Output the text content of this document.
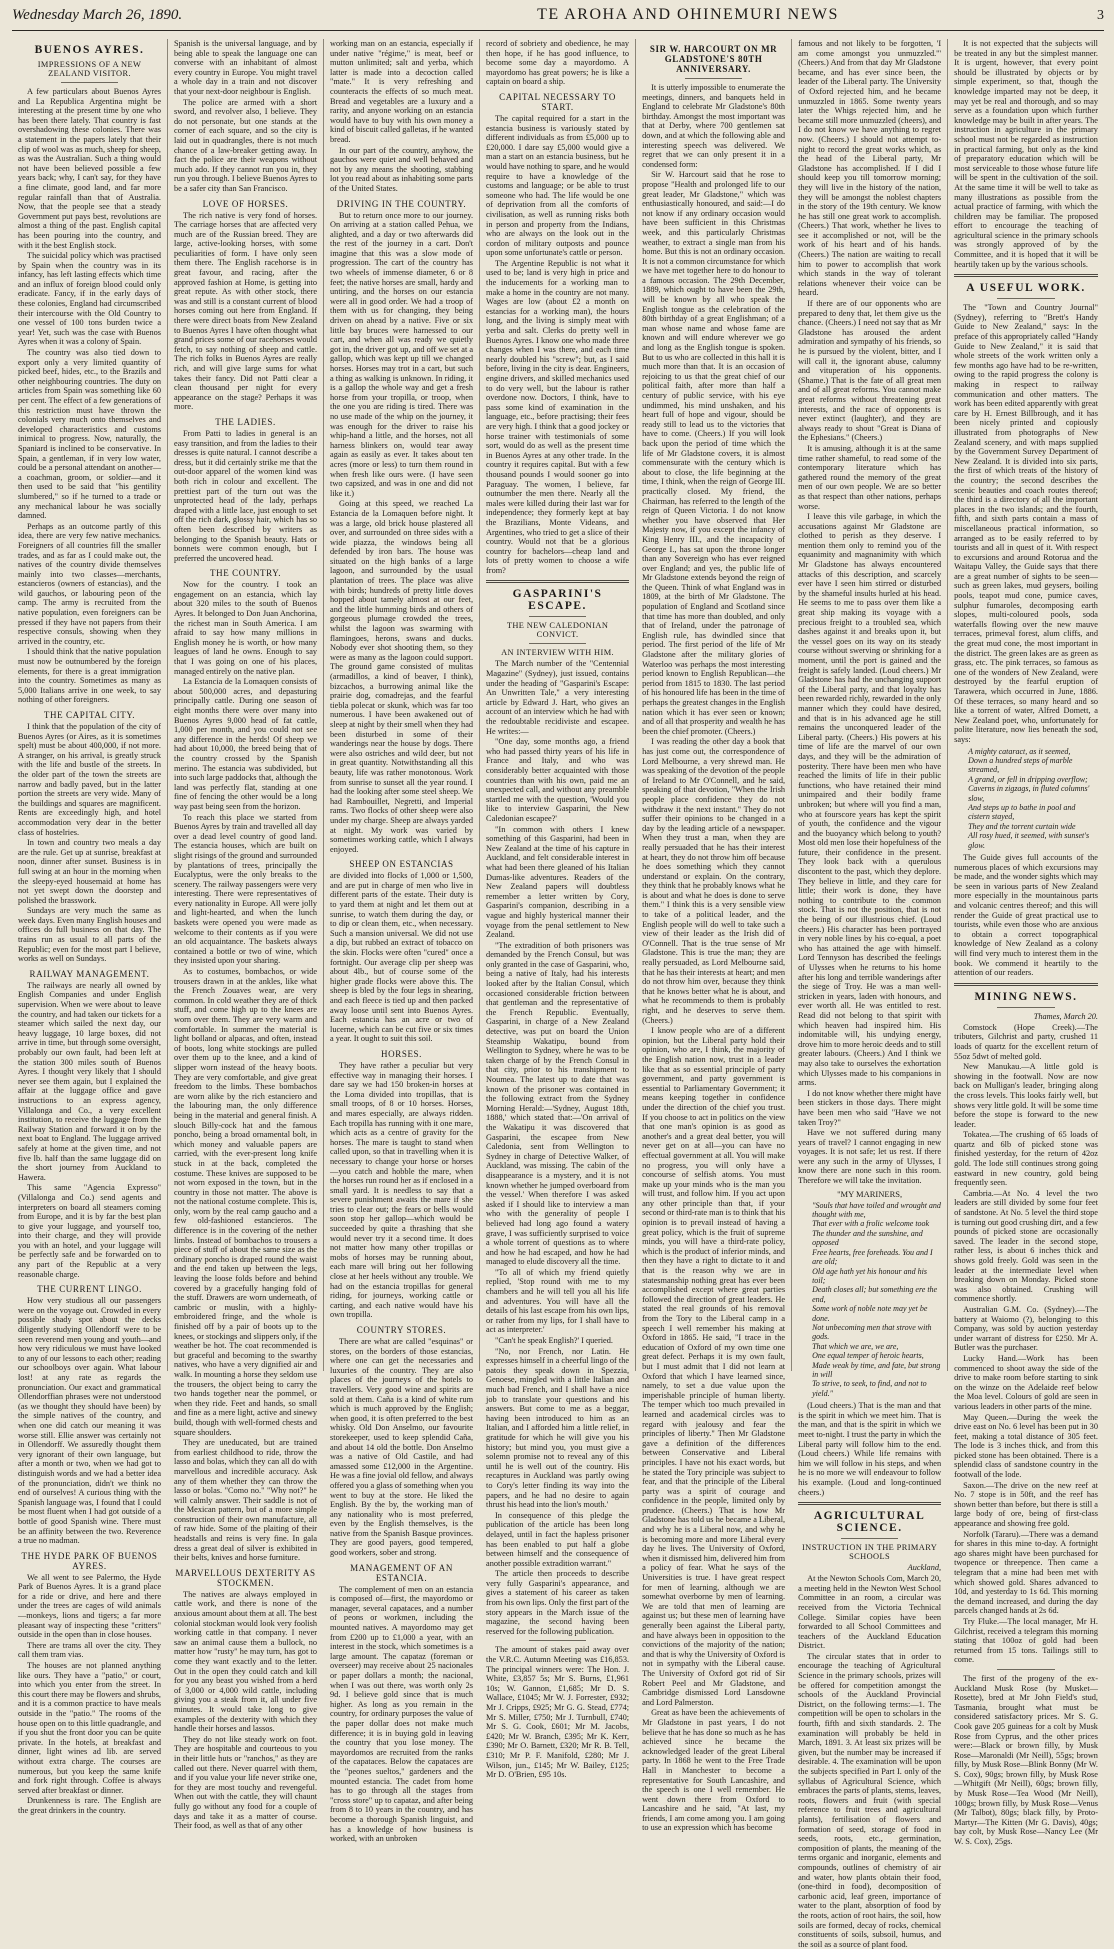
Wednesday March 26, 1890.	TE AROHA AND OHINEMURI NEWS	3
BUENOS AYRES.
IMPRESSIONS OF A NEW ZEALAND VISITOR.

A few particulars about Buenos Ayres and La Republica Argentina might be interesting at the present time by one who has been there lately. That country is fast overshadowing these colonies. There was a statement in the papers lately that their clip of wool was as much, sheep for sheep, as was the Australian. Such a thing would not have been believed possible a few years back; why, I can't say, for they have a fine climate, good land, and far more regular rainfall than that of Australia. Now, that the people see that a steady Government put pays best, revolutions are almost a thing of the past. English capital has been pouring into the country, and with it the best English stock.

The suicidal policy which was practised by Spain when the country was in its infancy, has left lasting effects which time and an influx of foreign blood could only eradicate. Fancy, if in the early days of these colonies, England had circumscribed their intercourse with the Old Country to one vessel of 100 tons burden twice a year! Yet, such was the case with Buenos Ayres when it was a colony of Spain.

The country was also tied down to export only a very limited quantity of picked beef, hides, etc., to the Brazils and other neighbouring countries. The duty on articles from Spain was something like 60 per cent. The effect of a few generations of this restriction must have thrown the colonials very much onto themselves and developed characteristics and customs inimical to progress. Now, naturally, the Spaniard is inclined to be conservative. In Spain, a gentleman, if in very low water, could be a personal attendant on another—a coachman, groom, or soldier—and it then used to be said that "his gentility slumbered," so if he turned to a trade or any mechanical labour he was socially damned.

Perhaps as an outcome partly of this idea, there are very few native mechanics. Foreigners of all countries fill the smaller trades, and as far as I could make out, the natives of the country divide themselves mainly into two classes—merchants, estancieros (owners of estancias), and the wild gauchos, or labouring peon of the camp. The army is recruited from the native population, even foreigners can be pressed if they have not papers from their respective consuls, showing when they arrived in the country, etc.

I should think that the native population must now be outnumbered by the foreign elements, for there is a great immigration into the country. Sometimes as many as 5,000 Italians arrive in one week, to say nothing of other foreigners.

THE CAPITAL CITY.

I think that the population of the city of Buenos Ayres (or Aires, as it is sometimes spelt) must be about 400,000, if not more. A stranger, on his arrival, is greatly struck with the life and bustle of the streets. In the older part of the town the streets are narrow and badly paved, but in the latter portion the streets are very wide. Many of the buildings and squares are magnificent. Rents are exceedingly high, and hotel accommodation very dear in the better class of hostelries.

In town and country two meals a day are the rule. Get up at sunrise, breakfast at noon, dinner after sunset. Business is in full swing at an hour in the morning when the sleepy-eyed housemaid at home has not yet swept down the doorstep and polished the brasswork.

Sundays are very much the same as week days. Even many English houses and offices do full business on that day. The trains run as usual to all parts of the Republic; even for the most part I believe, works as well on Sundays.

RAILWAY MANAGEMENT.

The railways are nearly all owned by English Companies and under English supervision. When we were about to leave the country, and had taken our tickets for a steamer which sailed the next day, our heavy luggage, 10 large boxes, did not arrive in time, but through some oversight, probably our own fault, had been left at the station 300 miles south of Buenos Ayres. I thought very likely that I should never see them again, but I explained the affair at the luggage office and gave instructions to an express agency, Villalonga and Co., a very excellent institution, to receive the luggage from the Railway Station and forward it on by the next boat to England. The luggage arrived safely at home at the given time, and not five lb. half than the same luggage did on the short journey from Auckland to Hawera.

This same "Agencia Expresso" (Villalonga and Co.) send agents and interpreters on board all steamers coming from Europe, and it is by far the best plan to give your luggage, and yourself too, into their charge, and they will provide you with an hotel, and your luggage will be perfectly safe and be forwarded on to any part of the Republic at a very reasonable charge.

THE CURRENT LINGO.

How very studious all our passengers were on the voyage out. Crowded in every possible shady spot about the decks diligently studying Ollendorff were to be seen reverend men young and youth—and how very ridiculous we must have looked to any of our lessons to each other; reading our schoolboys over again. What labour lost! at any rate as regards the pronunciation. Our exact and grammatical Ollendorffian phrases were not understood (as we thought they should have been) by the simple natives of the country, and when one did catch our meaning it was worse still. Ellie answer was certainly not in Ollendorff. We assuredly thought them very ignorant of their own language, but after a month or two, when we had got to distinguish words and we had a better idea of the pronunciation, didn't we think no end of ourselves! A curious thing with the Spanish language was, I found that I could be most fluent when I had got outside of a bottle of good Spanish wine. There must be an affinity between the two. Reverence a true no madman.

THE HYDE PARK OF BUENOS AYRES.

We all went to see Palermo, the Hyde Park of Buenos Ayres. It is a grand place for a ride or drive, and here and there under the trees are cages of wild animals—monkeys, lions and tigers; a far more pleasant way of inspecting these "critters" outside in the open than in close houses.

There are trams all over the city. They call them tram vias.

The houses are not planned anything like ours. They have a "patio," or court, into which you enter from the street. In this court there may be flowers and shrubs, and it is a common practice to have meals outside in the "patio." The rooms of the house open on to this little quadrangle, and if you shut the front door you can be quite private. In the hotels, at breakfast and dinner, light wines ad lib. are served without extra charge. The courses are numerous, but you keep the same knife and fork right through. Coffee is always served after breakfast or dinner.

Drunkenness is rare. The English are the great drinkers in the country.

Spanish is the universal language, and by being able to speak the language one can converse with an inhabitant of almost every country in Europe. You might travel a whole day in a train and not discover that your next-door neighbour is English.

The police are armed with a short sword, and revolver also, I believe. They do not personate, but one stands at the corner of each square, and so the city is laid out in quadrangles, there is not much chance of a law-breaker getting away. In fact the police are their weapons without much ado. If they cannot run you in, they run you through. I believe Buenos Ayres to be a safer city than San Francisco.

LOVE OF HORSES.

The rich native is very fond of horses. The carriage horses that are affected very much are of the Russian breed. They are large, active-looking horses, with some peculiarities of form. I have only seen them there. The English racehorse is in great favour, and racing, after the approved fashion at Home, is getting into great repute. As with other stock, there was and still is a constant current of blood horses coming out here from England. If there were direct boats from New Zealand to Buenos Ayres I have often thought what grand prices some of our racehorses would fetch, to say nothing of sheep and cattle. The rich folks in Buenos Ayres are really rich, and will give large sums for what takes their fancy. Did not Patti clear a clean thousand per night for every appearance on the stage? Perhaps it was more.

THE LADIES.

From Patti to ladies in general is an easy transition, and from the ladies to their dresses is quite natural. I cannot describe a dress, but it did certainly strike me that the out-door apparel of the women kind was both rich in colour and excellent. The prettiest part of the turn out was the unprotected head of the lady, perhaps draped with a little lace, just enough to set off the rich dark, glossy hair, which has so often been described by writers as belonging to the Spanish beauty. Hats or bonnets were common enough, but I preferred the uncovered head.

THE COUNTRY.

Now for the country. I took an engagement on an estancia, which lay about 320 miles to the south of Buenos Ayres. It belonged to Don Juan Anchorina, the richest man in South America. I am afraid to say how many millions in English money he is worth, or how many leagues of land he owns. Enough to say that I was going on one of his places, managed entirely on the native plan.

La Estancia de la Lomaquen consists of about 500,000 acres, and depasturing principally cattle. During one season of eight months there were over many into Buenos Ayres 9,000 head of fat cattle, 1,000 per month, and you could not see any difference in the herds! Of sheep we had about 10,000, the breed being that of the country crossed by the Spanish merino. The estancia was subdivided, but into such large paddocks that, although the land was perfectly flat, standing at one fine of fencing the other would be a long way past being seen from the horizon.

To reach this place we started from Buenos Ayres by train and travelled all day over a dead level country of good land. The estancia houses, which are built on slight risings of the ground and surrounded by plantations of trees, principally the Eucalyptus, were the only breaks to the scenery. The railway passengers were very interesting. There were representatives of every nationality in Europe. All were jolly and light-hearted, and when the lunch baskets were opened you were made as welcome to their contents as if you were an old acquaintance. The baskets always contained a bottle or two of wine, which they insisted upon your sharing.

As to costumes, bombachos, or wide trousers drawn in at the ankles, like what the French Zouaves wear, are very common. In cold weather they are of thick stuff, and come high up to the knees are worn over them. They are very warm and comfortable. In summer the material is light bolland or alpacas, and often, instead of boots, long white stockings are pulled over them up to the knee, and a kind of slipper worn instead of the heavy boots. They are very comfortable, and give great freedom to the limbs. These bombachos are worn alike by the rich estanciero and the labouring man, the only difference being in the material and general finish. A slouch Billy-cock hat and the famous poncho, being a broad ornamental bolt, in which money and valuable papers are carried, with the ever-present long knife stuck in at the back, completed the costume. These knives are supposed to be not worn exposed in the town, but in the country in those not matter. The above is not the national costume complete. This is, only, worn by the real camp gaucho and a few old-fashioned estancieros. The difference is in the covering of the nether limbs. Instead of bombachos to trousers a piece of stuff of about the same size as the ordinary poncho is draped round the waist and the end taken up between the legs, leaving the loose folds before and behind covered by a gracefully hanging fold of the stuff. Drawers are worn underneath, of cambric or muslin, with a highly-embroidered fringe, and the whole is finished off by a pair of boots up to the knees, or stockings and slippers only, if the weather be hot. The coat recommended is but graceful and becoming to the swarthy natives, who have a very dignified air and walk. In mounting a horse they seldom use the trousers, the object being to carry the two hands together near the pommel, or when they ride. Feet and hands, so small and fine as a mere light, active and sinewy build, though with well-formed chests and square shoulders.

They are uneducated, but are trained from earliest childhood to ride, throw the lasso and bolas, which they can all do with marvellous and incredible accuracy. Ask any of them whether they can throw the lasso or bolas. "Como no." "Why not?" he will calmly answer. Their saddle is not of the Mexican pattern, but of a more simple construction of their own manufacture, all of raw hide. Some of the plaiting of their headstalls and reins is very fine. In gala dress a great deal of silver is exhibited in their belts, knives and horse furniture.

MARVELLOUS DEXTERITY AS STOCKMEN.

The natives are always employed in cattle work, and there is none of the anxious amount about them at all. The best colonial stockman would look very foolish working cattle in that company. I never saw an animal cause them a bullock, no matter how "rusty" he may turn, has got to come they want exactly and to the letter. Out in the open they could catch and kill for you any beast you wished from a herd of 3,000 or 4,000 wild cattle, including giving you a steak from it, all under five minutes. It would take long to give examples of the dexterity with which they handle their horses and lassos.

They do not like steady work on foot. They are hospitable and courteous to you in their little huts or "ranchos," as they are called out there. Never quarrel with them, and if you value your life never strike one, for they are most touchy and revengeful. When out with the cattle, they will chaunt fully go without any food for a couple of days and take it as a matter of course. Their food, as well as that of any other

working man on an estancia, especially if under native "régime," is meat, beef or mutton unlimited; salt and yerba, which latter is made into a decoction called "mate." It is very refreshing and counteracts the effects of so much meat. Bread and vegetables are a luxury and a rarity, and anyone working on an estancia would have to buy with his own money a kind of biscuit called galletas, if he wanted bread.

In our part of the country, anyhow, the gauchos were quiet and well behaved and not by any means the shooting, stabbing lot you read about as inhabiting some parts of the United States.

DRIVING IN THE COUNTRY.

But to return once more to our journey. On arriving at a station called Pehua, we alighted, and a day or two afterwards did the rest of the journey in a cart. Don't imagine that this was a slow mode of progression. The cart of the country has two wheels of immense diameter, 6 or 8 feet; the native horses are small, hardy and untiring, and the horses on our estancia were all in good order. We had a troop of them with us for changing, they being driven on ahead by a native. Five or six little bay bruces were harnessed to our cart, and when all was ready we quietly got in, the driver got up, and off we set at a gallop, which was kept up till we changed horses. Horses may trot in a cart, but such a thing as walking is unknown. In riding, it is a gallop the whole way and get a fresh horse from your tropilla, or troop, when the one you are riding is tired. There was no use made of the whip on the journey, it was enough for the driver to raise his whip-hand a little, and the horses, not all harness blinkers on, would tear away again as easily as ever. It takes about ten acres (more or less) to turn them round in when fresh like ours were. (I have seen two capsized, and was in one and did not like it.)

Going at this speed, we reached La Estancia de la Lomaquen before night. It was a large, old brick house plastered all over, and surrounded on three sides with a wide piazza, the windows being all defended by iron bars. The house was situated on the high banks of a large lagoon, and surrounded by the usual plantation of trees. The place was alive with birds; hundreds of pretty little doves hopped about tamely almost at our feet, and the little humming birds and others of gorgeous plumage crowded the trees, whilst the lagoon was swarming with flamingoes, herons, swans and ducks. Nobody ever shot shooting them, so they were as many as the lagoon could support. The ground game consisted of mulitas (armadillos, a kind of beaver, I think), bizcachos, a burrowing animal like the prairie dog, comadrejas, and the fearful tiebla polecat or skunk, which was far too numerous. I have been awakened out of sleep at night by their smell when they had been disturbed in some of their wanderings near the house by dogs. There were also ostriches and wild deer, but not in great quantity. Notwithstanding all this beauty, life was rather monotonous. Work from sunrise to sunset all the year round. I had the looking after some steel sheep. We had Rambouillet, Negretti, and Imperial rams. Two flocks of other sheep were also under my charge. Sheep are always yarded at night. My work was varied by sometimes working cattle, which I always enjoyed.

SHEEP ON ESTANCIAS

are divided into flocks of 1,000 or 1,500, and are put in charge of men who live in different parts of the estate. Their duty is to yard them at night and let them out at sunrise, to watch them during the day, or to dip or clean them, etc., when necessary. Such a mansion universal. We did not use a dip, but rubbed an extract of tobacco on the skin. Flocks were often "cured" once a fortnight. Our average clip per sheep was about 4lb., but of course some of the higher grade flocks were above this. The sheep is bled by the four legs in shearing, and each fleece is tied up and then packed away loose until sent into Buenos Ayres. Each estancia has an acre or two of lucerne, which can be cut five or six times a year. It ought to suit this soil.

HORSES.

They have rather a peculiar but very effective way in managing their horses. I dare say we had 150 broken-in horses at the Loma divided into tropillas, that is small troops, of 8 or 10 horses. Horses, and mares especially, are always ridden. Each tropilla has running with it one mare, which acts as a centre of gravity for the horses. The mare is taught to stand when called upon, so that in travelling when it is necessary to change your horse or horses—you catch and hobble the mare, when the horses run round her as if enclosed in a small yard. It is needless to say that a severe punishment awaits the mare if she tries to clear out; the fears or bells would soon stop her gallop—which would be succeeded by quite a thrashing that she would never try it a second time. It does not matter how many other tropillas or mobs of horses may be running about, each mare will bring out her following close at her heels without any trouble. We had on the estancia tropillas for general riding, for journeys, working cattle or carting, and each native would have his own tropilla.

COUNTRY STORES.

There are what are called "esquinas" or stores, on the borders of those estancias, where one can get the necessaries and luxuries of the country. They are also places of the journeys of the hotels to travellers. Very good wine and spirits are sold at them. Caña is a kind of white rum which is much approved by the English; when good, it is often preferred to the best whisky. Old Don Anselmo, our favourite storekeeper, used to keep splendid Caña, and about 14 old the bottle. Don Anselmo was a native of Old Castile, and had amassed some £12,000 in the Argentine. He was a fine jovial old fellow, and always offered you a glass of something when you went to buy at the store. He liked the English. By the by, the working man of any nationality who is most preferred, even by the English themselves, is the native from the Spanish Basque provinces. They are good payers, good tempered, good workers, sober and strong.

MANAGEMENT OF AN ESTANCIA.

The complement of men on an estancia is composed of—first, the mayordomo or manager, several capataces, and a number of peons or workmen, including the mounted natives. A mayordomo may get from £200 up to £1,000 a year, with an interest in the stock, which sometimes is a large amount. The capataz (foreman or overseer) may receive about 25 nacionales or paper dollars a month; the nacional, when I was out there, was worth only 2s 9d. I believe gold since that is much higher. As long as you remain in the country, for ordinary purposes the value of the paper dollar does not make much difference; it is in buying gold in leaving the country that you lose money. The mayordomos are recruited from the ranks of the capataces. Below the capataces are the "peones sueltos," gardeners and the mounted estancia. The cadet from home has to go through all the stages from "cross store" up to capataz, and after being from 8 to 10 years in the country, and has become a thorough Spanish linguist, and has a knowledge of how business is worked, with an unbroken

record of sobriety and obedience, he may then hope, if he has good influence, to become some day a mayordomo. A mayordomo has great powers; he is like a captain on board a ship.

CAPITAL NECESSARY TO START.

The capital required for a start in the estancia business is variously stated by different individuals as from £5,000 up to £20,000. I dare say £5,000 would give a man a start on an estancia business, but he would have nothing to spare, and he would require to have a knowledge of the customs and language; or be able to trust someone who had. The life would be one of deprivation from all the comforts of civilisation, as well as running risks both in person and property from the Indians, who are always on the look out in the cordon of military outposts and pounce upon some unfortunate's cattle or person.

The Argentine Republic is not what it used to be; land is very high in price and the inducements for a working man to make a home in the country are not many. Wages are low (about £2 a month on estancias for a working man), the hours long, and the living is simply meat with yerba and salt. Clerks do pretty well in Buenos Ayres. I know one who made three changes when I was there, and each time nearly doubled his "screw"; but, as I said before, living in the city is dear. Engineers, engine drivers, and skilled mechanics used to do very well, but the labour is rather overdone now. Doctors, I think, have to pass some kind of examination in the language, etc., before practising; their fees are very high. I think that a good jockey or horse trainer with testimonials of some sort, would do as well as the present time in Buenos Ayres at any other trade. In the country it requires capital. But with a few thousand pounds I would sooner go into Paraguay. The women, I believe, far outnumber the men there. Nearly all the males were killed during their last war for independence; they formerly kept at bay the Brazilians, Monte Videans, and Argentines, who tried to get a slice of their country. Would not that be a glorious country for bachelors—cheap land and lots of pretty women to choose a wife from?

GASPARINI'S ESCAPE.
THE NEW CALEDONIAN CONVICT.
AN INTERVIEW WITH HIM.

The March number of the "Centennial Magazine" (Sydney), just issued, contains under the heading of "Gasparini's Escape: An Unwritten Tale," a very interesting article by Edward J. Hart, who gives an account of an interview which he had with the redoubtable recidiviste and escapee. He writes:—

"One day, some months ago, a friend who had passed thirty years of his life in France and Italy, and who was considerably better acquainted with those countries than with his own, paid me an unexpected call, and without any preamble startled me with the question, 'Would you like to interview Gasparini, the New Caledonian escapee?'

"In common with others I knew something of this Gasparini, had been in New Zealand at the time of his capture in Auckland, and felt considerable interest in what had been there gleaned of his Italian Dumas-like adventures. Readers of the New Zealand papers will doubtless remember a letter written by Cory, Gasparini's companion, describing in a vague and highly hysterical manner their voyage from the penal settlement to New Zealand.

"The extradition of both prisoners was demanded by the French Consul, but was only granted in the case of Gasparini, who, being a native of Italy, had his interests looked after by the Italian Consul, which occasioned considerable friction between that gentleman and the representative of the French Republic. Eventually, Gasparini, in charge of a New Zealand detective, was put on board the Union Steamship Wakatipu, bound from Wellington to Sydney, where he was to be taken charge of by the French Consul in that city, prior to his transhipment to Noumea. The latest up to date that was known of the prisoner was contained in the following extract from the Sydney Morning Herald:—'Sydney, August 18th, 1888,' which stated that:—'On arrival of the Wakatipu it was discovered that Gasparini, the escapee from New Caledonia, sent from Wellington to Sydney in charge of Detective Walker, of Auckland, was missing. The cabin of the disappearance is a mystery, and it is not known whether he jumped overboard from the vessel.' When therefore I was asked asked if I should like to interview a man who with the generality of people I believed had long ago found a watery grave, I was sufficiently surprised to voice a whole torrent of questions as to where and how he had escaped, and how he had managed to elude discovery all the time.

"To all of which my friend quietly replied, 'Stop round with me to my chambers and he will tell you all his life and adventures. You will have all the details of his last escape from his own lips, or rather from my lips, for I shall have to act as interpreter.'

"Can't he speak English?' I queried.

"No, nor French, nor Latin. He expresses himself in a cheerful lingo of the patois they speak down in Spezzia, Genoese, mingled with a little Italian and much bad French, and I shall have a nice job to translate your questions and his answers. But come to me as a beggar, having been introduced to him as an Italian, and I afforded him a little relief, in gratitude for which he will give you his history; but mind you, you must give a solemn promise not to reveal any of this until he is well out of the country. His recaptures in Auckland was partly owing to Cory's letter finding its way into the papers, and he had no desire to again thrust his head into the lion's mouth.'

In consequence of this pledge the publication of the article has been long delayed, until in fact the hapless prisoner has been enabled to put half a globe between himself and the consequence of another possible extradition warrant."

The article then proceeds to describe very fully Gasparini's appearance, and gives a statement of his career as taken from his own lips. Only the first part of the story appears in the March issue of the magazine, the second having been reserved for the following publication.

The amount of stakes paid away over the V.R.C. Autumn Meeting was £16,853. The principal winners were: The Hon. J. White, £3,857 5s; Mr S. Burns, £1,961 10s; W. Gannon, £1,685; Mr D. S. Wallace, £1045; Mr W. J. Forrester, £932; Mr J. Cripps, £925; Mr G. G. Stead, £774; Mr S. Miller, £750; Mr J. Turnbull, £740; Mr S. G. Cook, £601; Mr M. Jacobs, £420; Mr W. Branch, £395; Mr K. Kerr, £390; Mr O. Barnett, £320; Mr R. B. Tell, £310; Mr P. F. Manifold, £280; Mr J. Wilson, jun., £145; Mr W. Bailey, £125; Mr D. O'Brien, £95 10s.

SIR W. HARCOURT ON MR GLADSTONE'S 80TH ANNIVERSARY.

It is utterly impossible to enumerate the meetings, dinners, and banquets held in England to celebrate Mr Gladstone's 80th birthday. Amongst the most important was that at Derby, where 700 gentlemen sat down, and at which the following able and interesting speech was delivered. We regret that we can only present it in a condensed form:

Sir W. Harcourt said that he rose to propose "Health and prolonged life to our great leader, Mr Gladstone," which was enthusiastically honoured, and said:—I do not know if any ordinary occasion would have been sufficient in this Christmas week, and this particularly Christmas weather, to extract a single man from his home. But this is not an ordinary occasion. It is not a common circumstance for which we have met together here to do honour to a famous occasion. The 29th December, 1889, which ought to have been the 29th, will be known by all who speak the English tongue as the celebration of the 80th birthday of a great Englishman; of a man whose name and whose fame are known and will endure wherever we go and long as the English tongue is spoken. But to us who are collected in this hall it is much more than that. It is an occasion of rejoicing to us that the great chief of our political faith, after more than half a century of public service, with his eye undimmed, his mind unshaken, and his heart full of hope and vigour, should be ready still to lead us to the victories that have to come. (Cheers.) If you will look back upon the period of time which the life of Mr Gladstone covers, it is almost commensurate with the century which is about to close, the life beginning at the time, I think, when the reign of George III. practically closed. My friend, the Chairman, has referred to the length of the reign of Queen Victoria. I do not know whether you have observed that Her Majesty now, if you except the infancy of King Henry III., and the incapacity of George I., has sat upon the throne longer than any Sovereign who has ever reigned over England; and yes, the public life of Mr Gladstone extends beyond the reign of the Queen. Think of what England was in 1809, at the birth of Mr Gladstone. The population of England and Scotland since that time has more than doubled, and only that of Ireland, under the patronage of English rule, has dwindled since that period. The first period of the life of Mr Gladstone after the military glories of Waterloo was perhaps the most interesting period known to English Republican—the period from 1815 to 1830. The last period of his honoured life has been in the time of perhaps the greatest changes in the English nation which it has ever seen or known; and of all that prosperity and wealth he has been the chief promoter. (Cheers.)

I was reading the other day a book that has just come out, the correspondence of Lord Melbourne, a very shrewd man. He was speaking of the devotion of the people of Ireland to Mr O'Connell, and he said, speaking of that devotion, "When the Irish people place confidence they do not withdraw it the next instant." They do not suffer their opinions to be changed in a day by the leading article of a newspaper. When they trust a man, when they are really persuaded that he has their interest at heart, they do not throw him off because he does something which they cannot understand or explain. On the contrary, they think that he probably knows what he is about and what he does is done to serve them." I think this is a very sensible view to take of a political leader, and the English people will do well to take such a view of their leader as the Irish did of O'Connell. That is the true sense of Mr Gladstone. This is true the man; they are really persuaded, as Lord Melbourne said, that he has their interests at heart; and men do not throw him over, because they think that he knows better what he is about, and what he recommends to them is probably right, and he deserves to serve them. (Cheers.)

I know people who are of a different opinion, but the Liberal party hold their opinion, who are, I think, the majority of the English nation now, trust in a leader like that as so essential principle of party government, and party government is essential to Parliamentary Government; it means keeping together in confidence under the direction of the chief you trust. If you choose to act in politics on the view that one man's opinion is as good as another's and a great deal better, you will never get on at all—you can have no effectual government at all. You will make no progress, you will only have a concourse of selfish atoms. You must make up your minds who is the man you will trust, and follow him. If you act upon any other principle than that, if your second or third-rate man is to think that his opinion is to prevail instead of having a great policy, which is the fruit of supreme minds, you will have a third-rate policy, which is the product of inferior minds, and then they have a right to dictate to it and that is the reason why we are in statesmanship nothing great has ever been accomplished except where great parties followed the direction of great leaders. He stated the real grounds of his removal from the Tory to the Liberal camp in a speech I well remember his making at Oxford in 1865. He said, "I trace in the education of Oxford of my own time one great defect. Perhaps it is my own fault, but I must admit that I did not learn at Oxford that which I have learned since, namely, to set a due value upon the imperishable principle of human liberty. The temper which too much prevailed in learned and academical circles was to regard with jealousy and fear the principles of liberty." Then Mr Gladstone gave a definition of the differences between Conservative and Liberal principles. I have not his exact words, but he stated the Tory principle was subject to fear, and that the principle of the Liberal party was a spirit of courage and confidence in the people, limited only by prudence. (Cheers.) That is how Mr Gladstone has told us he became a Liberal, and why he is a Liberal now, and why he is becoming more and more Liberal every day he lives. The University of Oxford, when it dismissed him, delivered him from a policy of fear. What he says of the Universities is true. I have great respect for men of learning, although we are somewhat overborne by men of learning. We are told that men of learning are against us; but these men of learning have generally been against the Liberal party, and have always been in opposition to the convictions of the majority of the nation; and that is why the University of Oxford is not in sympathy with the Liberal cause. The University of Oxford got rid of Sir Robert Peel and Mr Gladstone, and Cambridge dismissed Lord Lansdowne and Lord Palmerston.

Great as have been the achievements of Mr Gladstone in past years, I do not believe that he has done so much as he has achieved since he became the acknowledged leader of the great Liberal party. In 1868 he went to the Free Trade Hall in Manchester to become a representative for South Lancashire, and the speech is one I well remember. He went down there from Oxford to Lancashire and he said, "At last, my friends, I am come among you. I am going to use an expression which has become

famous and not likely to be forgotten, 'I am come amongst you unmuzzled.'" (Cheers.) And from that day Mr Gladstone became, and has ever since been, the leader of the Liberal party. The University of Oxford rejected him, and he became unmuzzled in 1865. Some twenty years later the Whigs rejected him, and he became still more unmuzzled (cheers), and I do not know we have anything to regret now. (Cheers.) I should not attempt to-night to record the great works which, as the head of the Liberal party, Mr Gladstone has accomplished. If I did I should keep you till tomorrow morning; they will live in the history of the nation, they will be amongst the noblest chapters in the story of the 19th century. We know he has still one great work to accomplish. (Cheers.) That work, whether he lives to see it accomplished or not, will be the work of his heart and of his hands. (Cheers.) The nation are waiting to recall him to power to accomplish that work which stands in the way of tolerant relations whenever their voice can be heard.

If there are of our opponents who are prepared to deny that, let them give us the chance. (Cheers.) I need not say that as Mr Gladstone has aroused the ardent admiration and sympathy of his friends, so he is pursued by the violent, bitter, and I will call it, the ignorant abuse, calumny and vituperation of his opponents. (Shame.) That is the fate of all great men and of all great reforms. You cannot make great reforms without threatening great interests, and the race of opponents is never extinct (laughter), and they are always ready to shout "Great is Diana of the Ephesians." (Cheers.)

It is amusing, although it is at the same time rather shameful, to read some of the contemporary literature which has gathered round the memory of the great men of our own people. We are so better as that respect than other nations, perhaps worse.

I leave this vile garbage, in which the accusations against Mr Gladstone are clothed to perish as they deserve. I mention them only to remind you of the equanimity and magnanimity with which Mr Gladstone has always encountered attacks of this description, and scarcely ever have I seen him stirred or disturbed by the shameful insults hurled at his head. He seems to me to pass over them like a great ship making its voyage with a precious freight to a troubled sea, which dashes against it and breaks upon it, but the vessel goes on its way on its steady course without swerving or shrinking for a moment, until the port is gained and the freight is safely landed. (Loud cheers.) Mr Gladstone has had the unchanging support of the Liberal party, and that loyalty has been rewarded richly, rewarded in the only manner which they could have desired, and that is in his advanced age he still remains the unconquered leader of the Liberal party. (Cheers.) His powers at his time of life are the marvel of our own days, and they will be the admiration of posterity. There have been men who have reached the limits of life in their public functions, who have retained their mind unimpaired and their bodily frame unbroken; but where will you find a man, who at fourscore years has kept the spirit of youth, the confidence and the vigour and the buoyancy which belong to youth? Most old men lose their hopefulness of the future, their confidence in the present. They look back with a querulous discontent to the past, which they deplore. They believe in little, and they care for little; their work is done, they have nothing to contribute to the common stock. That is not the position, that is not the being of our illustrious chief. (Loud cheers.) His character has been portrayed in very noble lines by his co-equal, a poet who has attained the age with himself. Lord Tennyson has described the feelings of Ulysses when he returns to his home after his long and terrible wanderings after the siege of Troy. He was a man well-stricken in years, laden with honours, and ever worth all. He was entitled to rest. Read did not belong to that spirit with which heaven had inspired him. His indomitable will, his undying energy, drove him to more heroic deeds and to still greater labours. (Cheers.) And I think we may also take to ourselves the exhortation which Ulysses made to his companions in arms.

I do not know whether there might have been stickers in those days. There might have been men who said "Have we not taken Troy?"

Have we not suffered during many years of travel? I cannot engaging in new voyages. It is not safe; let us rest. If there were any such in the army of Ulysses, I know there are none such in this room. Therefore we will take the invitation.

"MY MARINERS,
"Souls that have toiled and wrought and thought with me,
That ever with a frolic welcome took
The thunder and the sunshine, and opposed
Free hearts, free foreheads. You and I are old;
Old age hath yet his honour and his toil;
Death closes all; but something ere the end,
Some work of noble note may yet be done.
Not unbecoming men that strove with gods.
That which we are, we are,
One equal temper of heroic hearts,
Made weak by time, and fate, but strong in will
To strive, to seek, to find, and not to yield."

(Loud cheers.) That is the man and that is the spirit in which we meet him. That is the man, and that is the spirit in which we meet to-night. I trust the party in which the Liberal party will follow him to the end. (Loud cheers.) While life remains with him we will follow in his steps, and when he is no more we will endeavour to follow his example. (Loud and long-continued cheers.)

AGRICULTURAL SCIENCE.
INSTRUCTION IN THE PRIMARY SCHOOLS
Auckland,

At the Newton Schools Com, March 20, a meeting held in the Newton West School Committee in an room, a circular was received from the Victoria Technical College. Similar copies have been forwarded to all School Committees and teachers of the Auckland Education District.

The circular states that in order to encourage the teaching of Agricultural Science in the primary schools, prizes will be offered for competition amongst the schools of the Auckland Provincial District, on the following terms:—1. The competition will be open to scholars in the fourth, fifth and sixth standards. 2. The examination will probably be held in March, 1891. 3. At least six prizes will be given, but the number may be increased if desirable. 4. The examination will be upon the subjects specified in Part I. only of the syllabus of Agricultural Science, which embraces the parts of plants, stems, leaves, roots, flowers and fruit (with special reference to fruit trees and agricultural plants), fertilisation of flowers and formation of seed, storage of food in seeds, roots, etc., germination, composition of plants, the meaning of the terms organic and inorganic, elements and compounds, outlines of chemistry of air and water, how plants obtain their food, (one-third in food), decomposition of carbonic acid, leaf green, importance of water to the plant, absorption of food by the roots, action of root hairs, the soil, how soils are formed, decay of rocks, chemical constituents of soils, subsoil, humus, and the soil as a source of plant food.

It is not expected that the subjects will be treated in any but the simplest manner. It is urgent, however, that every point should be illustrated by objects or by simple experiment, so that, though the knowledge imparted may not be deep, it may yet be real and thorough, and so may serve as a foundation upon which further knowledge may be built in after years. The instruction in agriculture in the primary school must not be regarded as instruction in practical farming, but only as the kind of preparatory education which will be most serviceable to those whose future life will be spent in the cultivation of the soil. At the same time it will be well to take as many illustrations as possible from the actual practice of farming, with which the children may be familiar. The proposed effort to encourage the teaching of agricultural science in the primary schools was strongly approved of by the Committee, and it is hoped that it will be heartily taken up by the various schools.

A USEFUL WORK.

The "Town and Country Journal" (Sydney), referring to "Brett's Handy Guide to New Zealand," says: In the preface of this appropriately called "Handy Guide to New Zealand," it is said that whole streets of the work written only a few months ago have had to be re-written, owing to the rapid progress the colony is making in respect to railway communication and other matters. The work has been edited apparently with great care by H. Ernest Billbrough, and it has been nicely printed and copiously illustrated from photographs of New Zealand scenery, and with maps supplied by the Government Survey Department of New Zealand. It is divided into six parts, the first of which treats of the history of the country; the second describes the scenic beauties and coach routes thereof; the third is a directory of all the important places in the two islands; and the fourth, fifth, and sixth parts contain a mass of miscellaneous practical information, so arranged as to be easily referred to by tourists and all in quest of it. With respect to excursions and around Rotorua and the Waitapu Valley, the Guide says that there are a great number of sights to be seen—such as green lakes, mud geysers, boiling pools, teapot mud cone, pumice caves, sulphur fumaroles, decomposing earth slopes, multi-coloured pools, soda waterfalls flowing over the new mauve terraces, primeval forest, alum cliffs, and the great mud cone, the most important in the district. The green lakes are as green as grass, etc. The pink terraces, so famous as one of the wonders of New Zealand, were destroyed by the fearful eruption of Tarawera, which occurred in June, 1886. Of these terraces, so many heard and so like a torrent of water, Alfred Domett, a New Zealand poet, who, unfortunately for polite literature, now lies beneath the sod, says:

A mighty cataract, as it seemed,
Down a hundred steps of marble streamed,
A grand, or fell in dripping overflow;
Caverns in zigzags, in fluted columns' slow,
And steps up to bathe in pool and cistern stayed,
They and the torrent curtain wide
All rosy hued, it seemed, with sunset's glow.

The Guide gives full accounts of the numerous places of which excursions may be made, and the wonder sights which may be seen in various parts of New Zealand more especially in the mountainous parts and volcanic centres thereof; and this will render the Guide of great practical use to tourists, while even those who are anxious to obtain a correct topographical knowledge of New Zealand as a colony will find very much to interest them in the book. We commend it heartily to the attention of our readers.

MINING NEWS.
Thames, March 20.

Comstock (Hope Creek).—The tributers, Gilchrist and party, crushed 11 loads of quartz for the excellent return of 55oz 5dwt of melted gold.

New Manukau.—A little gold is showing in the footwall. Now are now back on Mulligan's leader, bringing along the cross levels. This looks fairly well, but shows very little gold. It will be some time before the stope is forward to the new leader.

Tokatea.—The crushing of 65 loads of quartz and 6lb of picked stone was finished yesterday, for the return of 42oz gold. The lode still continues strong going eastward in new country, gold being frequently seen.

Cambria.—At No. 4 level the two leaders are still divided by some four feet of sandstone. At No. 5 level the third stope is turning out good crushing dirt, and a few pounds of picked stone are occasionally saved. The leader in the second stope, rather less, is about 6 inches thick and shows gold freely. Gold was seen in the leader at the intermediate level when breaking down on Monday. Picked stone was also obtained. Crushing will commence shortly.

Australian G.M. Co. (Sydney).—The battery at Waiomo (?), belonging to this Company, was sold by auction yesterday under warrant of distress for £250. Mr A. Butler was the purchaser.

Lucky Hand.—Work has been commenced to shoot away the side of the drive to make room before starting to sink on the winze on the Adelaide reef below the Moa level. Colours of gold are seen in various leaders in other parts of the mine.

May Queen.—During the week the drive east on No. 6 level has been put in 30 feet, making a total distance of 305 feet. The lode is 3 inches thick, and from this picked stone has been obtained. There is a splendid class of sandstone country in the footwall of the lode.

Saxon.—The drive on the new reef at No. 7 stope is in 50ft, and the reef has shown better than before, but there is still a large body of ore, being of first-class appearance and showing free gold.

Norfolk (Tararu).—There was a demand for shares in this mine to-day. A fortnight ago shares might have been purchased for twopence or threepence. Then came a telegram that a mine had been met with which showed gold. Shares advanced to 10d, and yesterday to 1s 6d. This morning the demand increased, and during the day parcels changed hands at 2s 6d.

Try Fluke.—The local manager, Mr H. Gilchrist, received a telegram this morning stating that 100oz of gold had been returned from 15 tons. Tailings still to come.

The first of the progeny of the ex-Auckland Musk Rose (by Musket—Rosette), bred at Mr John Field's stud, Tasmania, brought what must be considered satisfactory prices. Mr S. G. Cook gave 205 guineas for a colt by Musk Rose from Cyprus, and the other prices were:—Black or brown filly, by Musk Rose—Maronaldi (Mr Neill), 55gs; brown filly, by Musk Rose—Blink Bonny (Mr W. S. Cox), 90gs; brown filly, by Musk Rose—Whitgift (Mr Neill), 60gs; brown filly, by Musk Rose—Tea Wood (Mr Neill), 100gs; brown filly, by Musk Rose—Venus (Mr Talbot), 80gs; black filly, by Proto-Martyr—The Kitten (Mr G. Davis), 40gs; bay colt, by Musk Rose—Nancy Lee (Mr W. S. Cox), 25gs.
